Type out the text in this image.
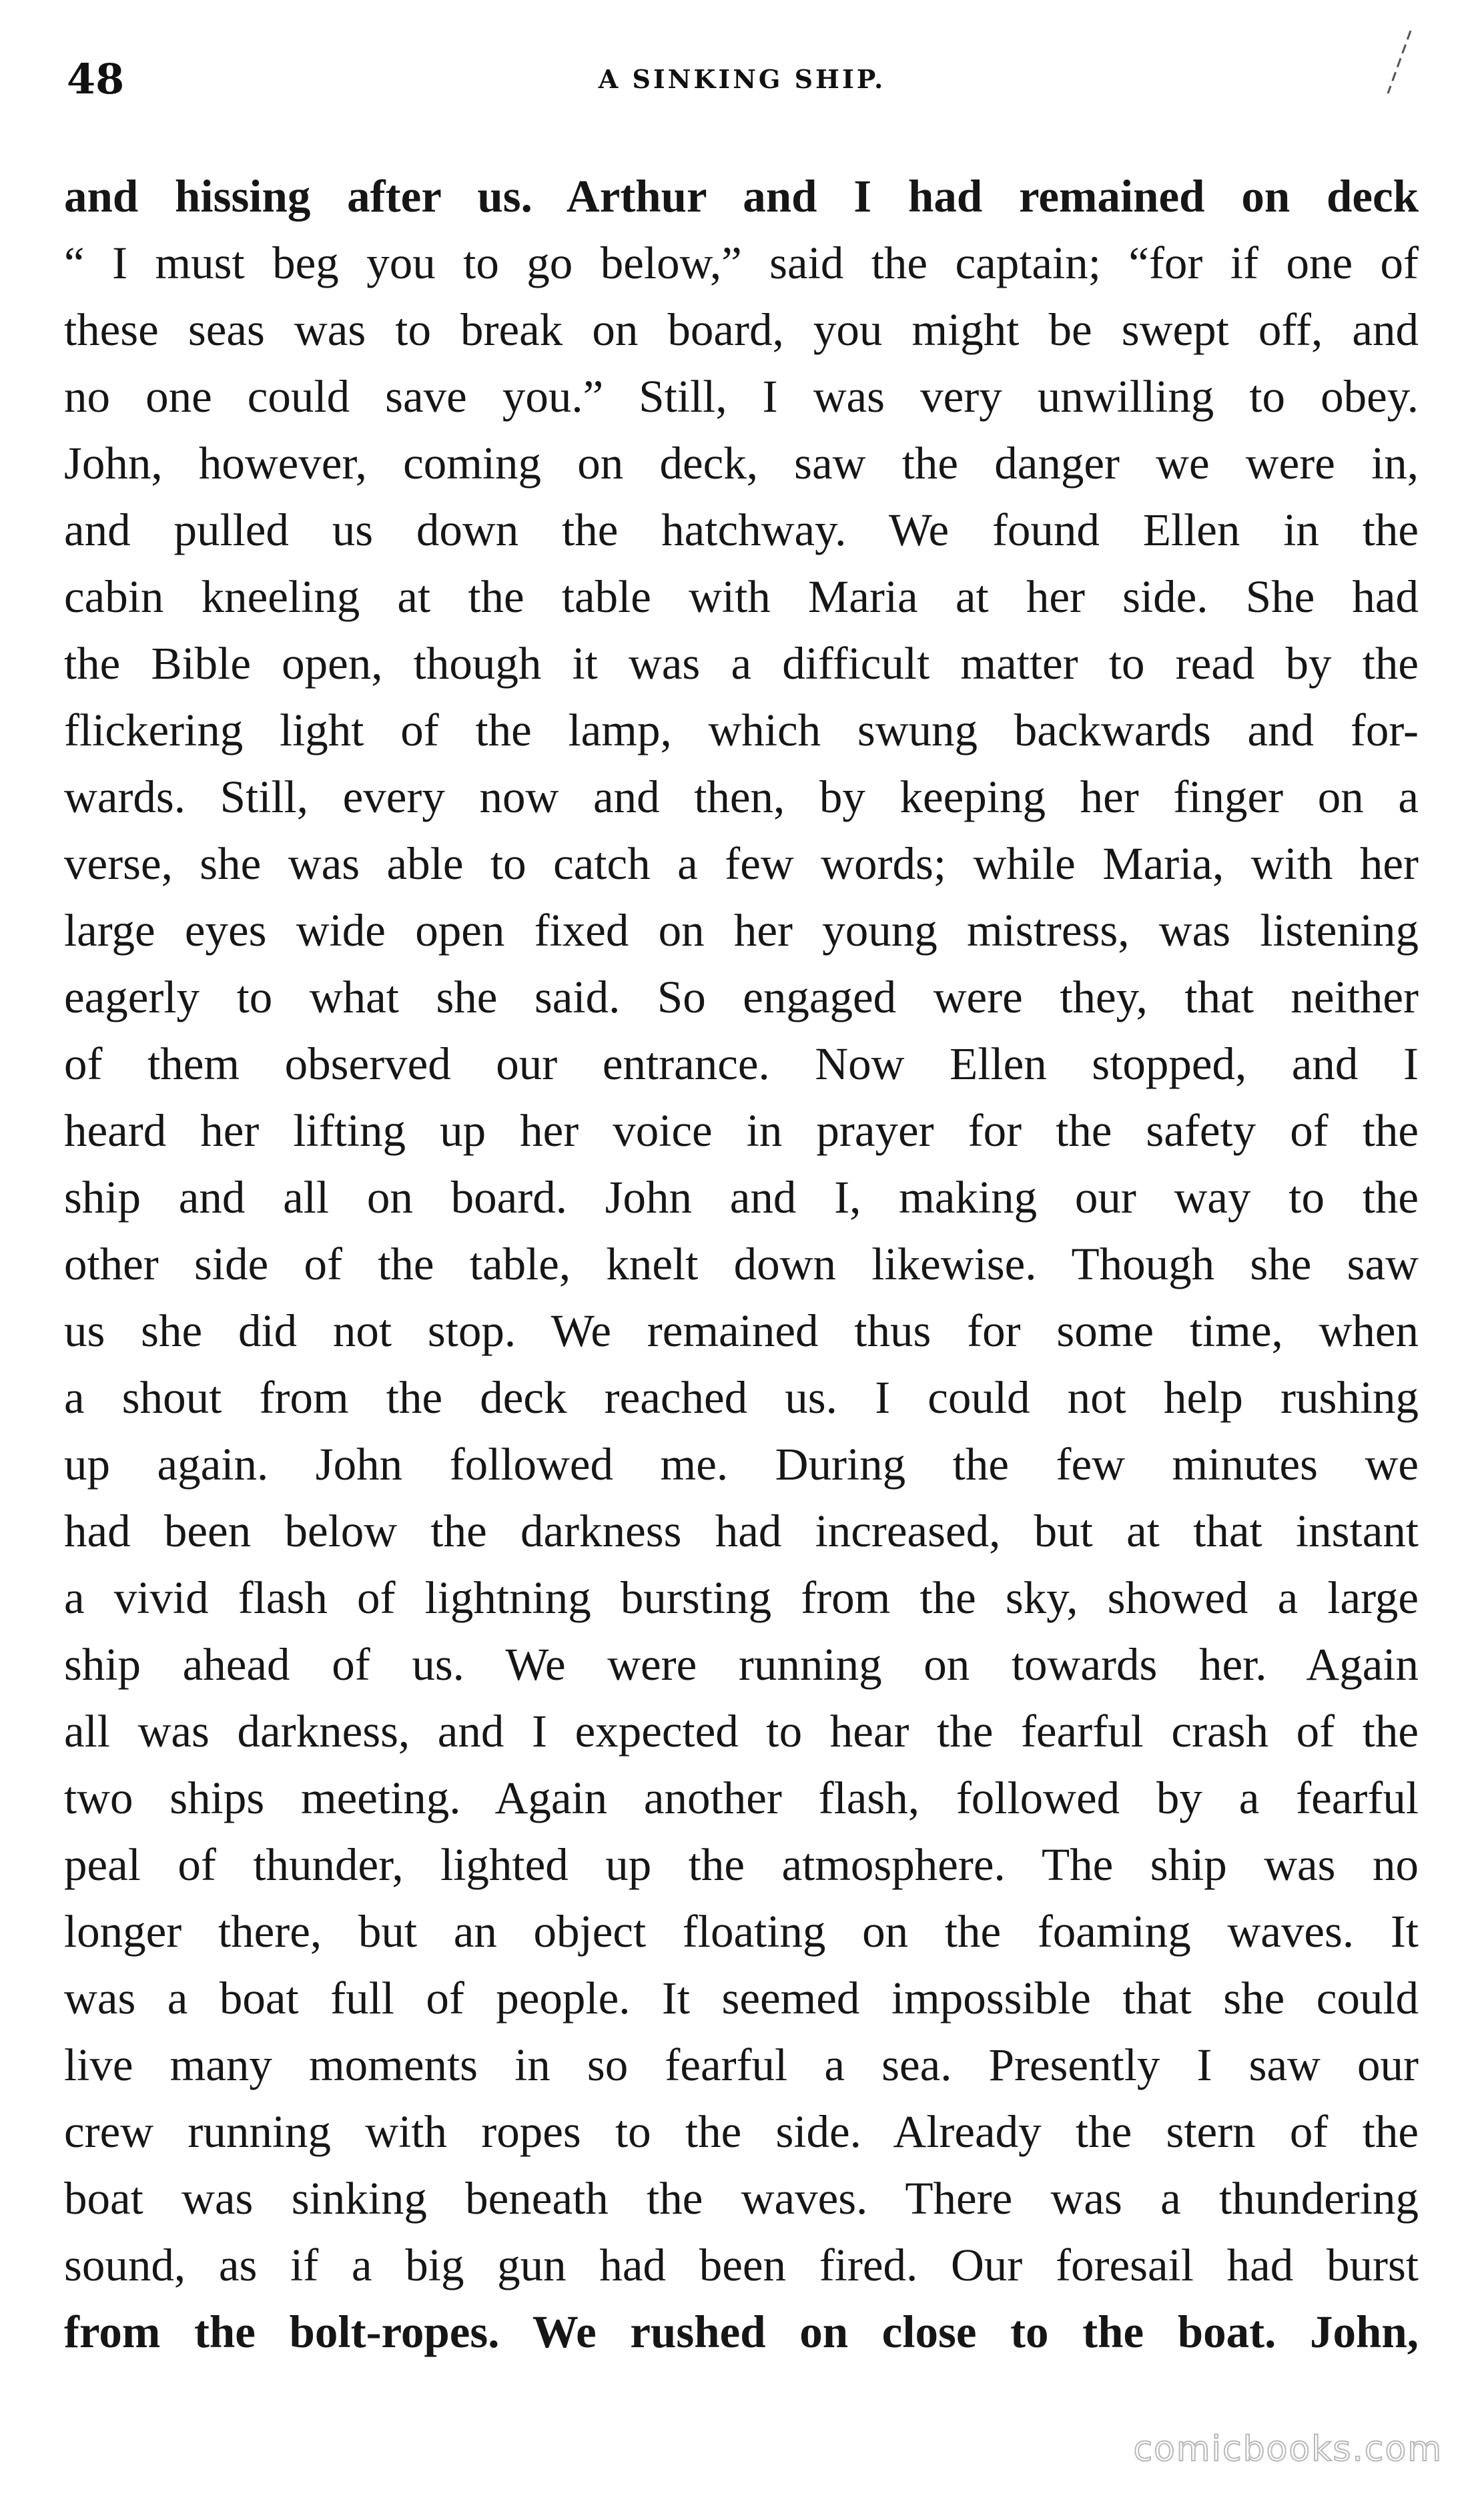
48	A SINKING SHIP.
and hissing after us. Arthur and I had remained on deck
“ I must beg you to go below,” said the captain; “for if one of
these seas was to break on board, you might be swept off, and
no one could save you.” Still, I was very unwilling to obey.
John, however, coming on deck, saw the danger we were in,
and pulled us down the hatchway. We found Ellen in the
cabin kneeling at the table with Maria at her side. She had
the Bible open, though it was a difficult matter to read by the
flickering light of the lamp, which swung backwards and for-
wards. Still, every now and then, by keeping her finger on a
verse, she was able to catch a few words; while Maria, with her
large eyes wide open fixed on her young mistress, was listening
eagerly to what she said. So engaged were they, that neither
of them observed our entrance. Now Ellen stopped, and I
heard her lifting up her voice in prayer for the safety of the
ship and all on board. John and I, making our way to the
other side of the table, knelt down likewise. Though she saw
us she did not stop. We remained thus for some time, when
a shout from the deck reached us. I could not help rushing
up again. John followed me. During the few minutes we
had been below the darkness had increased, but at that instant
a vivid flash of lightning bursting from the sky, showed a large
ship ahead of us. We were running on towards her. Again
all was darkness, and I expected to hear the fearful crash of the
two ships meeting. Again another flash, followed by a fearful
peal of thunder, lighted up the atmosphere. The ship was no
longer there, but an object floating on the foaming waves. It
was a boat full of people. It seemed impossible that she could
live many moments in so fearful a sea. Presently I saw our
crew running with ropes to the side. Already the stern of the
boat was sinking beneath the waves. There was a thundering
sound, as if a big gun had been fired. Our foresail had burst
from the bolt-ropes. We rushed on close to the boat. John,
comicbooks.com
